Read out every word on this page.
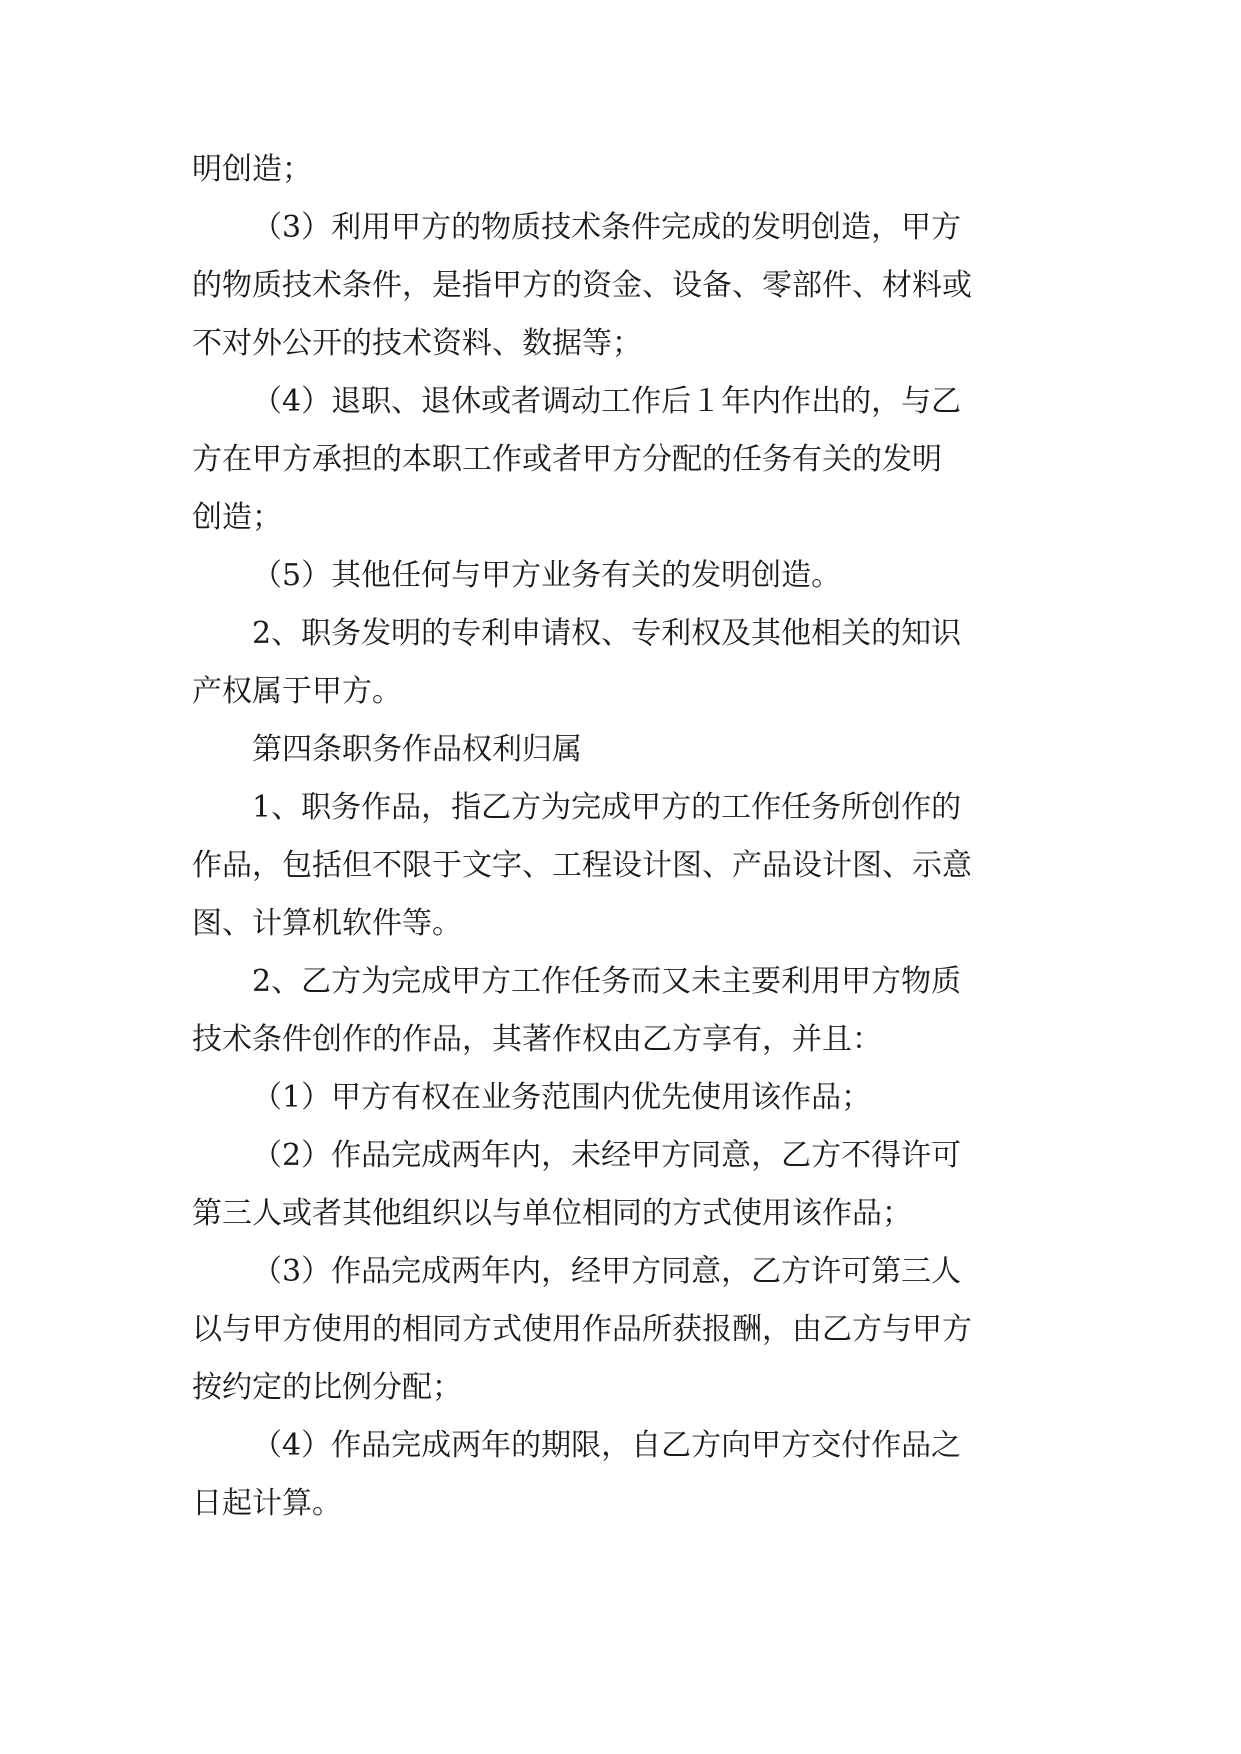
明创造；
（3）利用甲方的物质技术条件完成的发明创造，甲方
的物质技术条件，是指甲方的资金、设备、零部件、材料或
不对外公开的技术资料、数据等；
（4）退职、退休或者调动工作后１年内作出的，与乙
方在甲方承担的本职工作或者甲方分配的任务有关的发明
创造；
（5）其他任何与甲方业务有关的发明创造。
2、职务发明的专利申请权、专利权及其他相关的知识
产权属于甲方。
第四条职务作品权利归属
1、职务作品，指乙方为完成甲方的工作任务所创作的
作品，包括但不限于文字、工程设计图、产品设计图、示意
图、计算机软件等。
2、乙方为完成甲方工作任务而又未主要利用甲方物质
技术条件创作的作品，其著作权由乙方享有，并且：
（1）甲方有权在业务范围内优先使用该作品；
（2）作品完成两年内，未经甲方同意，乙方不得许可
第三人或者其他组织以与单位相同的方式使用该作品；
（3）作品完成两年内，经甲方同意，乙方许可第三人
以与甲方使用的相同方式使用作品所获报酬，由乙方与甲方
按约定的比例分配；
（4）作品完成两年的期限，自乙方向甲方交付作品之
日起计算。
